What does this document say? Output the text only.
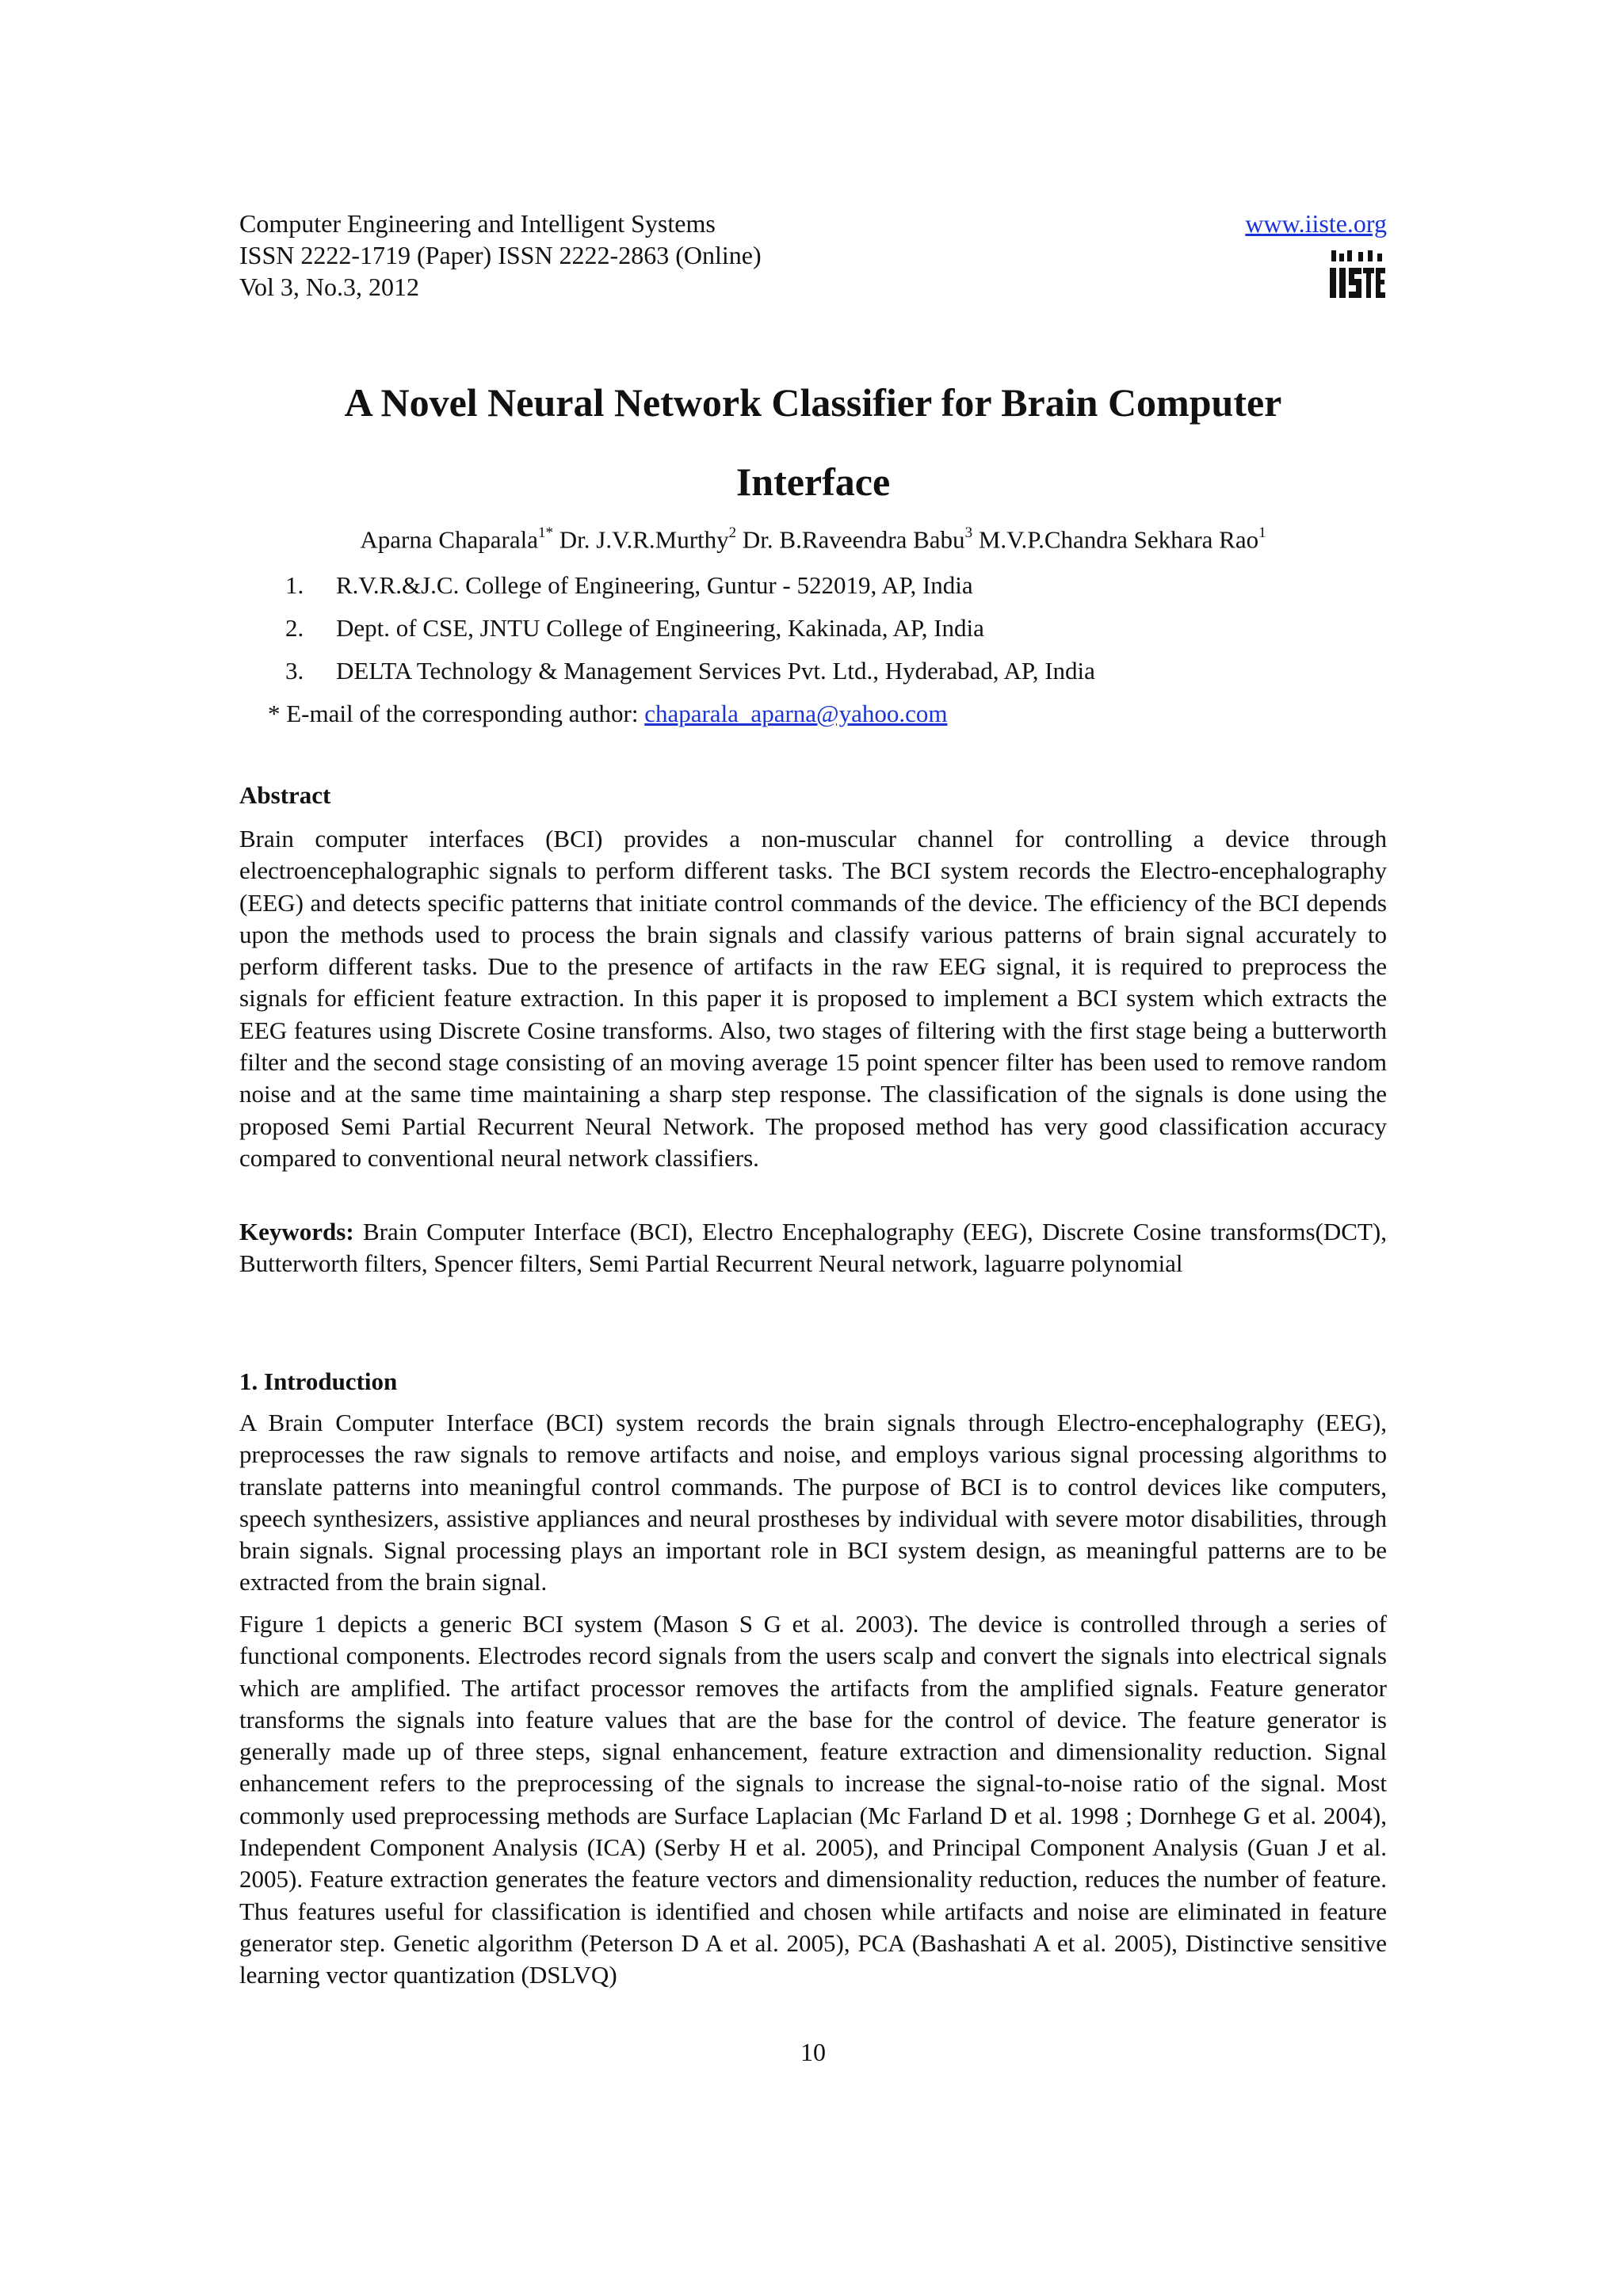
Computer Engineering and Intelligent Systems
ISSN 2222-1719 (Paper) ISSN 2222-2863 (Online)
Vol 3, No.3, 2012
www.iiste.org
A Novel Neural Network Classifier for Brain Computer
Interface
Aparna Chaparala$^{1*}$ Dr. J.V.R.Murthy$^2$ Dr. B.Raveendra Babu$^3$ M.V.P.Chandra Sekhara Rao$^1$
1. R.V.R.&J.C. College of Engineering, Guntur - 522019, AP, India
2. Dept. of CSE, JNTU College of Engineering, Kakinada, AP, India
3. DELTA Technology & Management Services Pvt. Ltd., Hyderabad, AP, India
* E-mail of the corresponding author: chaparala_aparna@yahoo.com
Abstract
Brain computer interfaces (BCI) provides a non-muscular channel for controlling a device through electroencephalographic signals to perform different tasks. The BCI system records the Electro-encephalography (EEG) and detects specific patterns that initiate control commands of the device. The efficiency of the BCI depends upon the methods used to process the brain signals and classify various patterns of brain signal accurately to perform different tasks. Due to the presence of artifacts in the raw EEG signal, it is required to preprocess the signals for efficient feature extraction. In this paper it is proposed to implement a BCI system which extracts the EEG features using Discrete Cosine transforms. Also, two stages of filtering with the first stage being a butterworth filter and the second stage consisting of an moving average 15 point spencer filter has been used to remove random noise and at the same time maintaining a sharp step response. The classification of the signals is done using the proposed Semi Partial Recurrent Neural Network. The proposed method has very good classification accuracy compared to conventional neural network classifiers.
Keywords: Brain Computer Interface (BCI), Electro Encephalography (EEG), Discrete Cosine transforms(DCT), Butterworth filters, Spencer filters, Semi Partial Recurrent Neural network, laguarre polynomial
1. Introduction
A Brain Computer Interface (BCI) system records the brain signals through Electro-encephalography (EEG), preprocesses the raw signals to remove artifacts and noise, and employs various signal processing algorithms to translate patterns into meaningful control commands. The purpose of BCI is to control devices like computers, speech synthesizers, assistive appliances and neural prostheses by individual with severe motor disabilities, through brain signals. Signal processing plays an important role in BCI system design, as meaningful patterns are to be extracted from the brain signal.
Figure 1 depicts a generic BCI system (Mason S G et al. 2003). The device is controlled through a series of functional components. Electrodes record signals from the users scalp and convert the signals into electrical signals which are amplified. The artifact processor removes the artifacts from the amplified signals. Feature generator transforms the signals into feature values that are the base for the control of device. The feature generator is generally made up of three steps, signal enhancement, feature extraction and dimensionality reduction. Signal enhancement refers to the preprocessing of the signals to increase the signal-to-noise ratio of the signal. Most commonly used preprocessing methods are Surface Laplacian (Mc Farland D et al. 1998 ; Dornhege G et al. 2004), Independent Component Analysis (ICA) (Serby H et al. 2005), and Principal Component Analysis (Guan J et al. 2005). Feature extraction generates the feature vectors and dimensionality reduction, reduces the number of feature. Thus features useful for classification is identified and chosen while artifacts and noise are eliminated in feature generator step. Genetic algorithm (Peterson D A et al. 2005), PCA (Bashashati A et al. 2005), Distinctive sensitive learning vector quantization (DSLVQ)
10
